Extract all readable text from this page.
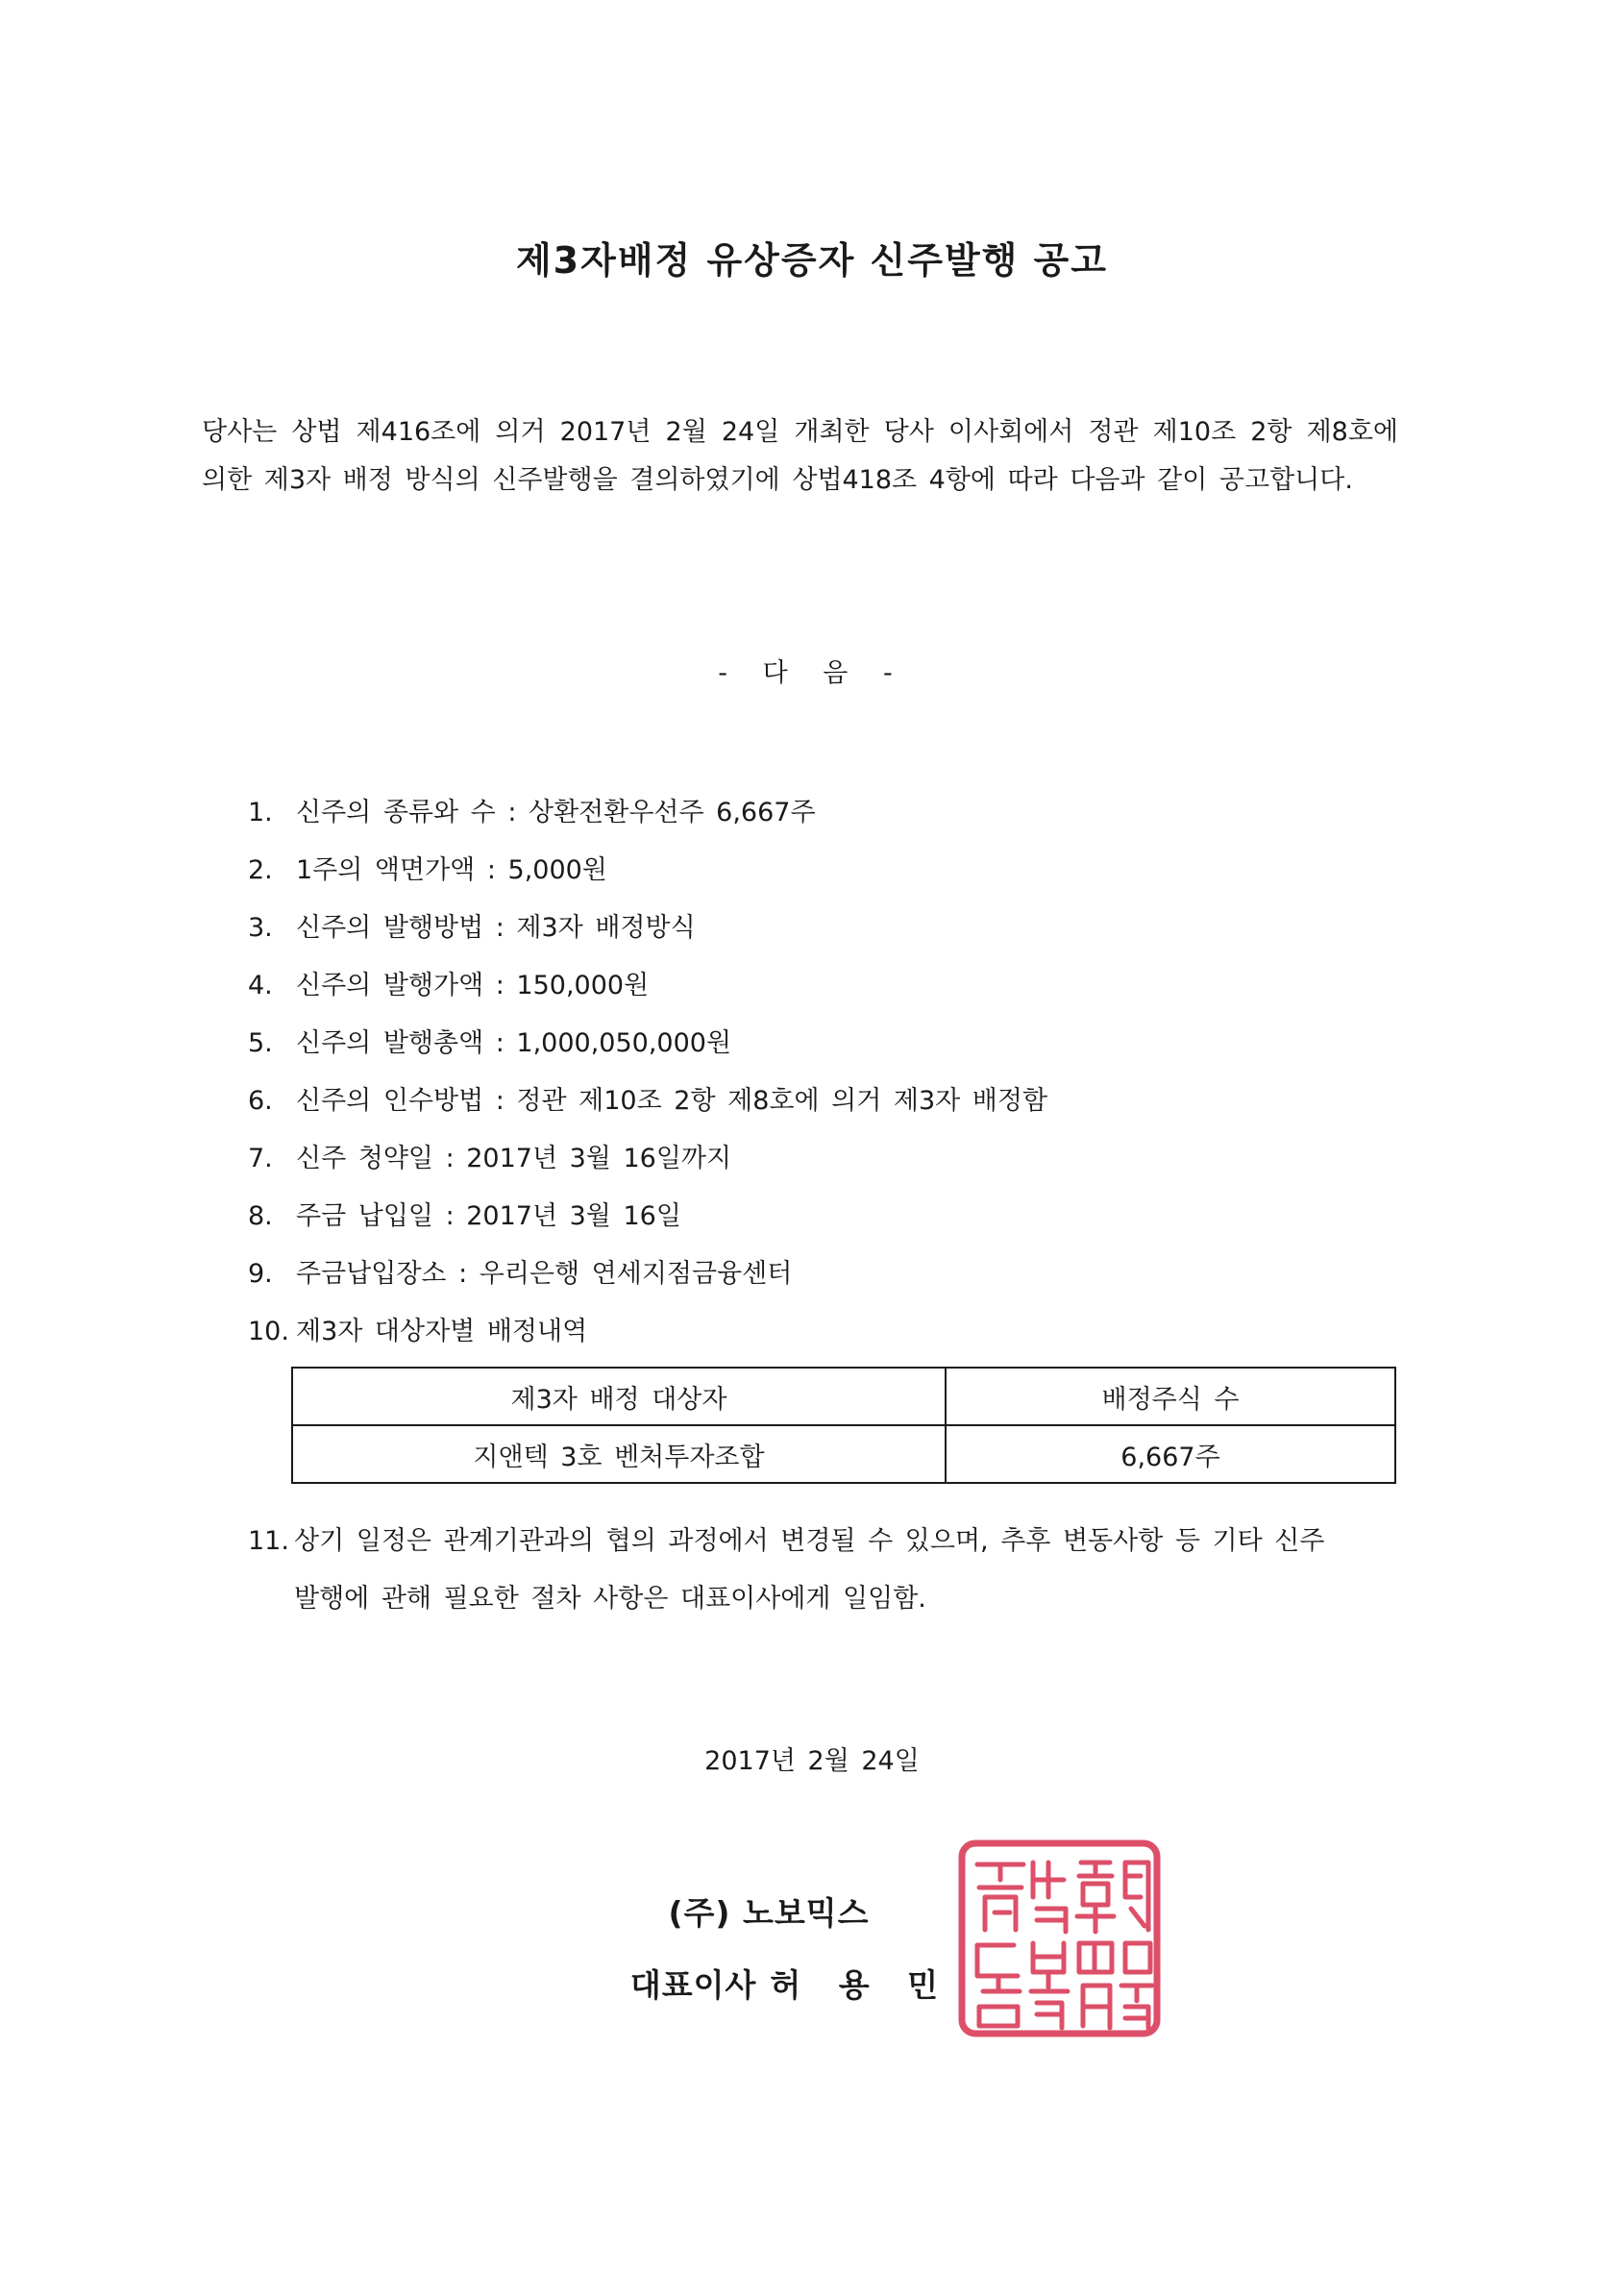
제3자배정 유상증자 신주발행 공고

당사는 상법 제416조에 의거 2017년 2월 24일 개최한 당사 이사회에서 정관 제10조 2항 제8호에 의한 제3자 배정 방식의 신주발행을 결의하였기에 상법418조 4항에 따라 다음과 같이 공고합니다.

- 다 음 -

1. 신주의 종류와 수 : 상환전환우선주 6,667주
2. 1주의 액면가액 : 5,000원
3. 신주의 발행방법 : 제3자 배정방식
4. 신주의 발행가액 : 150,000원
5. 신주의 발행총액 : 1,000,050,000원
6. 신주의 인수방법 : 정관 제10조 2항 제8호에 의거 제3자 배정함
7. 신주 청약일 : 2017년 3월 16일까지
8. 주금 납입일 : 2017년 3월 16일
9. 주금납입장소 : 우리은행 연세지점금융센터
10. 제3자 대상자별 배정내역
제3자 배정 대상자	배정주식 수
지앤텍 3호 벤처투자조합	6,667주

11. 상기 일정은 관계기관과의 협의 과정에서 변경될 수 있으며, 추후 변동사항 등 기타 신주
발행에 관해 필요한 절차 사항은 대표이사에게 일임함.

2017년 2월 24일

(주) 노보믹스

대표이사 허 용 민
